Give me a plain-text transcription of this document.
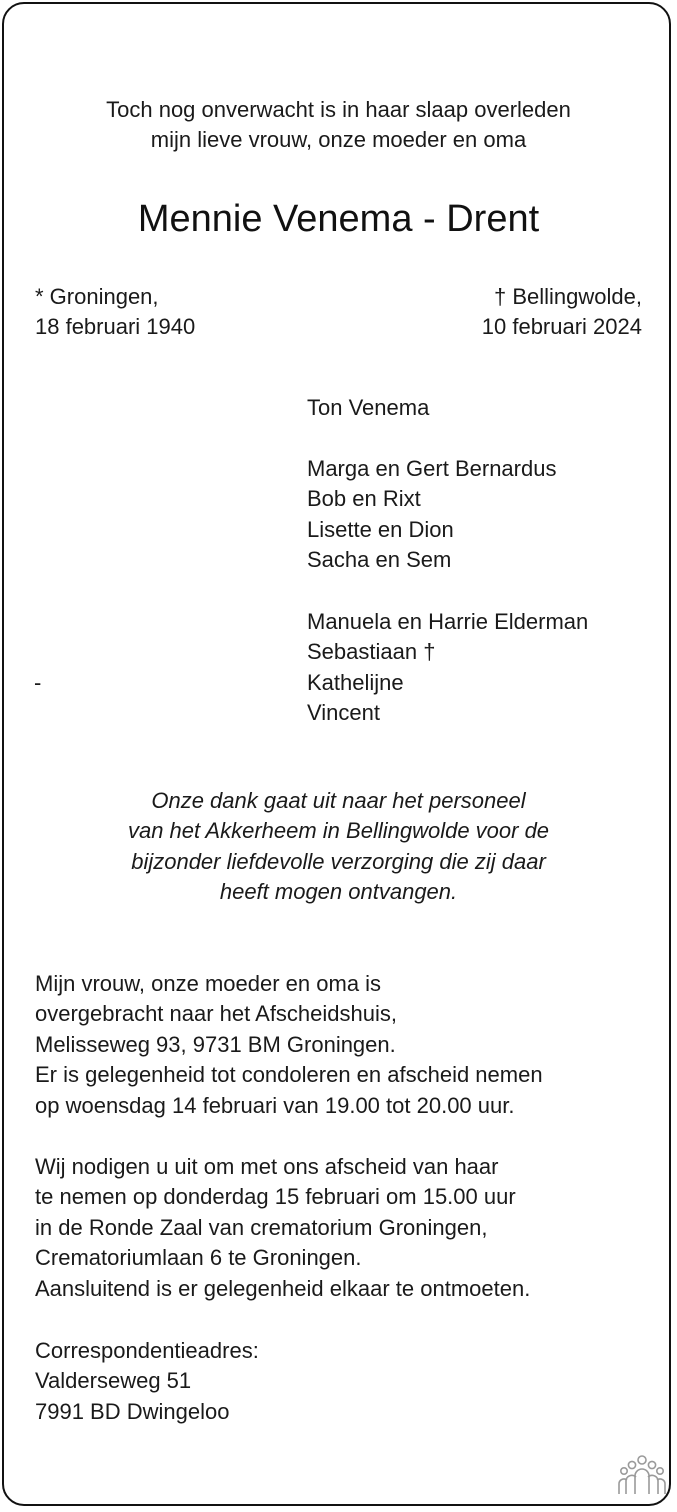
Toch nog onverwacht is in haar slaap overleden

mijn lieve vrouw, onze moeder en oma

Mennie Venema - Drent

* Groningen,

18 februari 1940

† Bellingwolde,

10 februari 2024

Ton Venema

Marga en Gert Bernardus

Bob en Rixt

Lisette en Dion

Sacha en Sem

Manuela en Harrie Elderman

Sebastiaan †

Kathelijne

Vincent

-

Onze dank gaat uit naar het personeel

van het Akkerheem in Bellingwolde voor de

bijzonder liefdevolle verzorging die zij daar

heeft mogen ontvangen.

Mijn vrouw, onze moeder en oma is

overgebracht naar het Afscheidshuis,

Melisseweg 93, 9731 BM Groningen.

Er is gelegenheid tot condoleren en afscheid nemen

op woensdag 14 februari van 19.00 tot 20.00 uur.

Wij nodigen u uit om met ons afscheid van haar

te nemen op donderdag 15 februari om 15.00 uur

in de Ronde Zaal van crematorium Groningen,

Crematoriumlaan 6 te Groningen.

Aansluitend is er gelegenheid elkaar te ontmoeten.

Correspondentieadres:

Valderseweg 51

7991 BD Dwingeloo
